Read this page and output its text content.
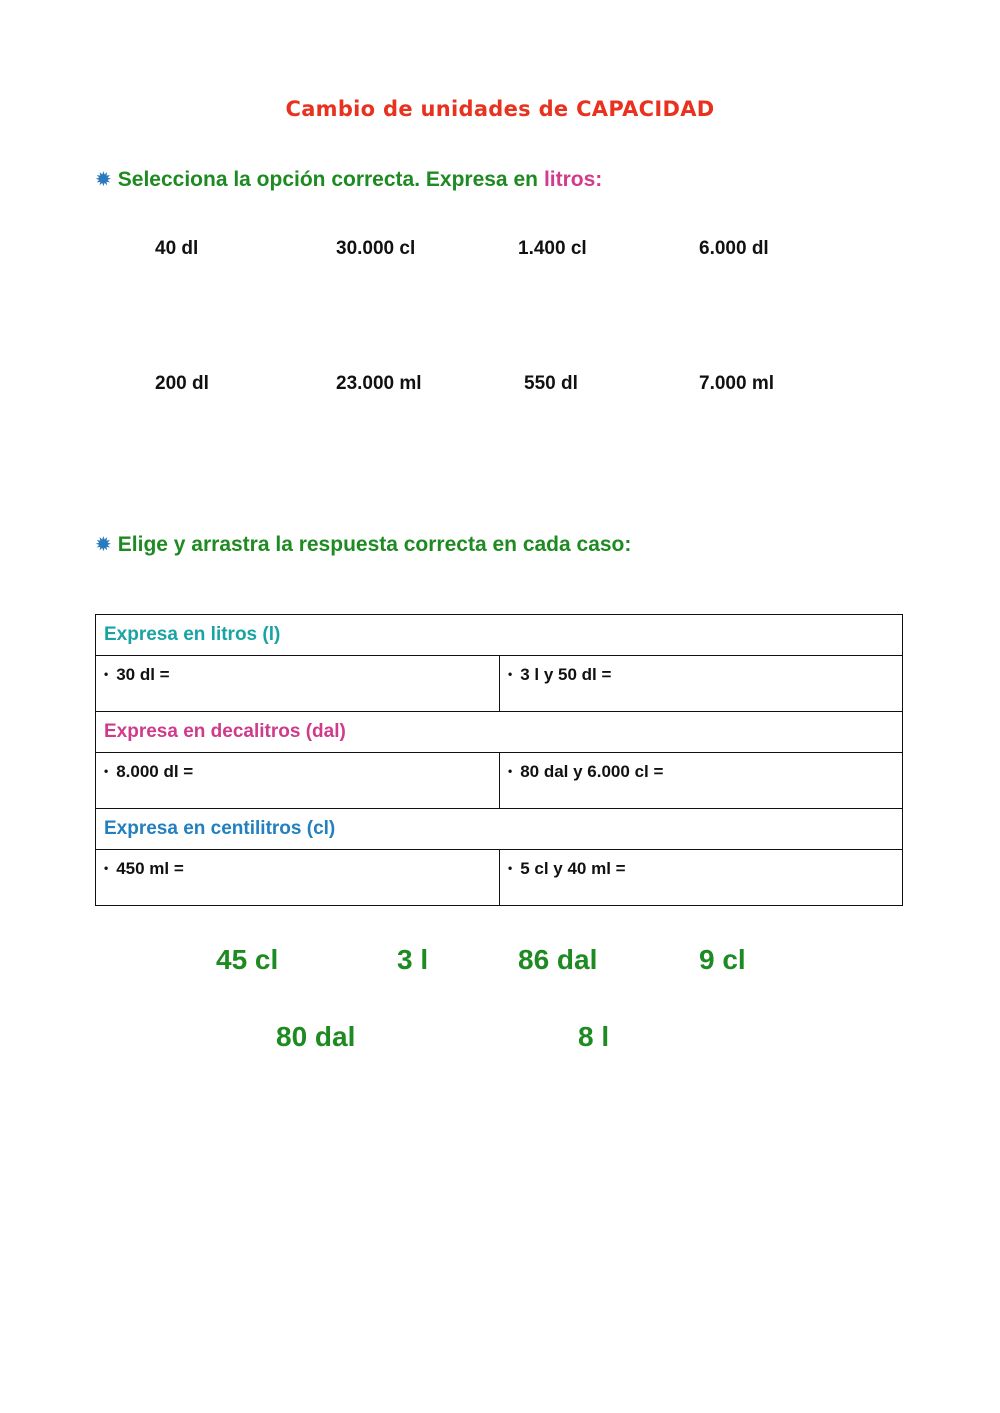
Cambio de unidades de CAPACIDAD
✹ Selecciona la opción correcta. Expresa en litros:
40 dl	30.000 cl	1.400 cl	6.000 dl
200 dl	23.000 ml	550 dl	7.000 ml
✹ Elige y arrastra la respuesta correcta en cada caso:
Expresa en litros (l)	
• 30 dl =	• 3 l y 50 dl =
Expresa en decalitros (dal)	
• 8.000 dl =	• 80 dal y 6.000 cl =
Expresa en centilitros (cl)	
• 450 ml =	• 5 cl y 40 ml =
45 cl	3 l	86 dal	9 cl
80 dal	8 l
